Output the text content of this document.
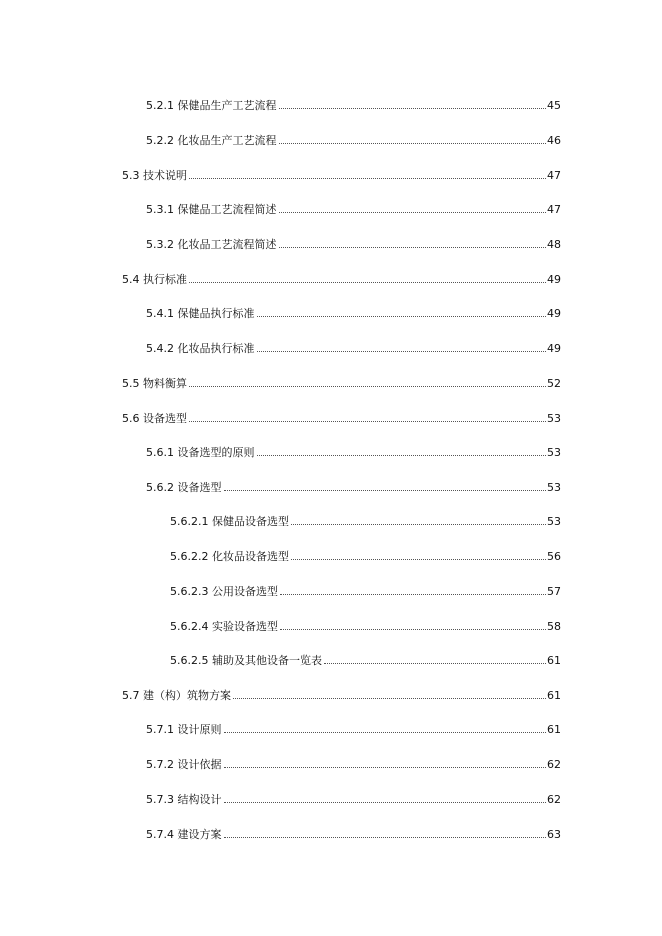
5.2.1 保健品生产工艺流程	45
5.2.2 化妆品生产工艺流程	46
5.3 技术说明	47
5.3.1 保健品工艺流程简述	47
5.3.2 化妆品工艺流程简述	48
5.4 执行标准	49
5.4.1 保健品执行标准	49
5.4.2 化妆品执行标准	49
5.5 物料衡算	52
5.6 设备选型	53
5.6.1 设备选型的原则	53
5.6.2 设备选型	53
5.6.2.1 保健品设备选型	53
5.6.2.2 化妆品设备选型	56
5.6.2.3 公用设备选型	57
5.6.2.4 实验设备选型	58
5.6.2.5 辅助及其他设备一览表	61
5.7 建（构）筑物方案	61
5.7.1 设计原则	61
5.7.2 设计依据	62
5.7.3 结构设计	62
5.7.4 建设方案	63
